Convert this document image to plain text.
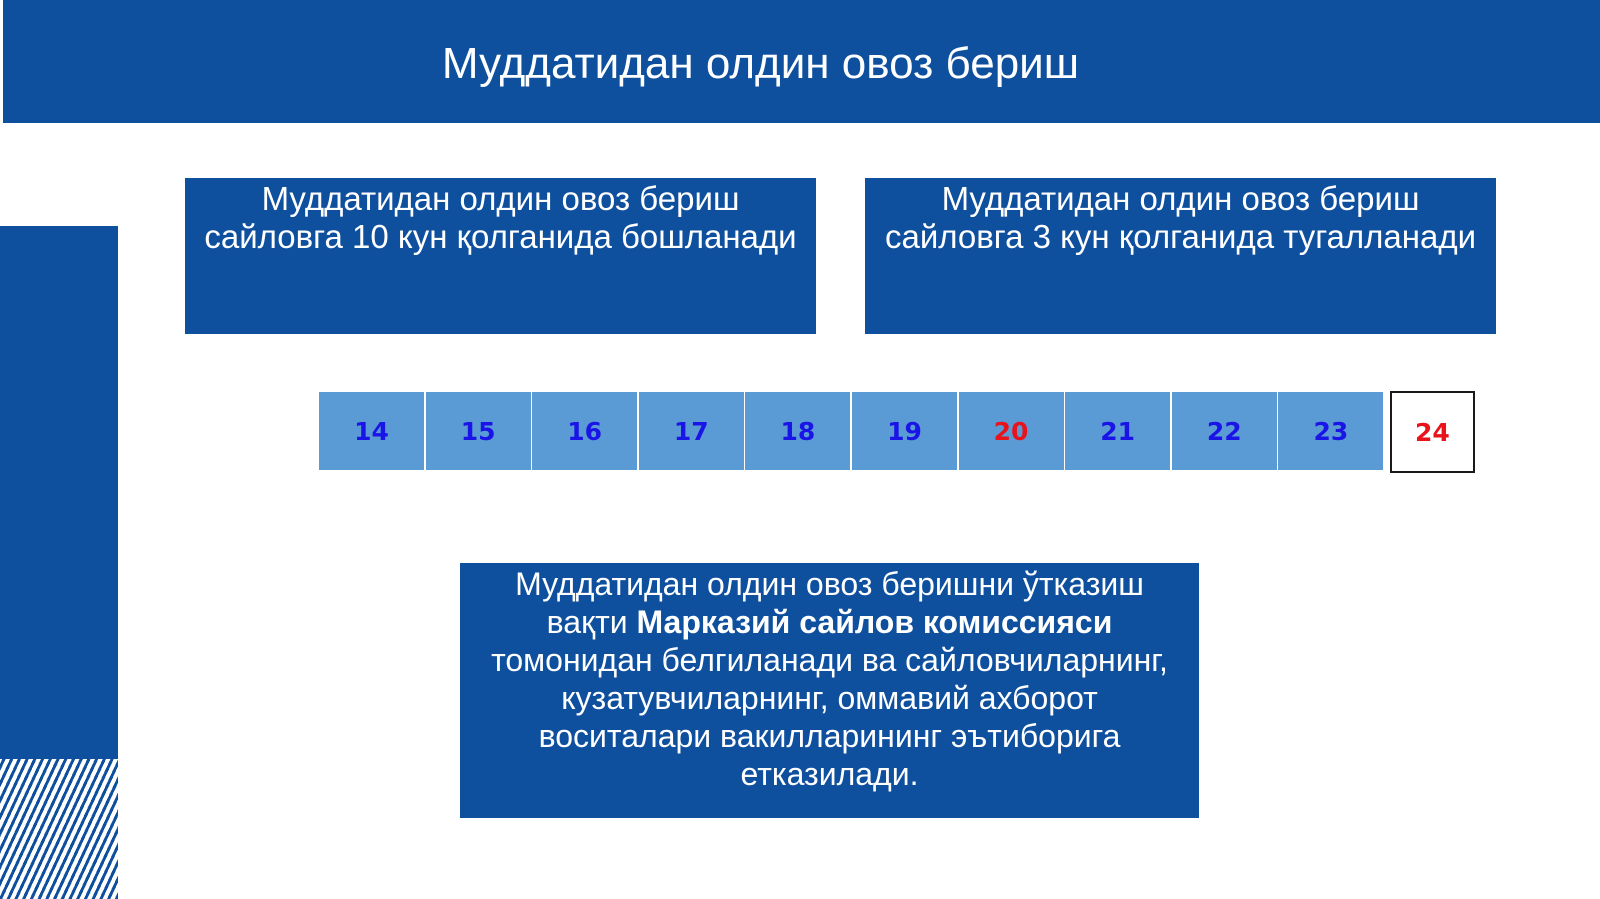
Муддатидан олдин овоз бериш
Муддатидан олдин овоз бериш сайловга 10 кун қолганида бошланади
Муддатидан олдин овоз бериш сайловга 3 кун қолганида тугалланади
14	15	16	17	18	19	20	21	22	23	24
Муддатидан олдин овоз беришни ўтказиш вақти Марказий сайлов комиссияси томонидан белгиланади ва сайловчиларнинг, кузатувчиларнинг, оммавий ахборот воситалари вакилларининг эътиборига етказилади.
